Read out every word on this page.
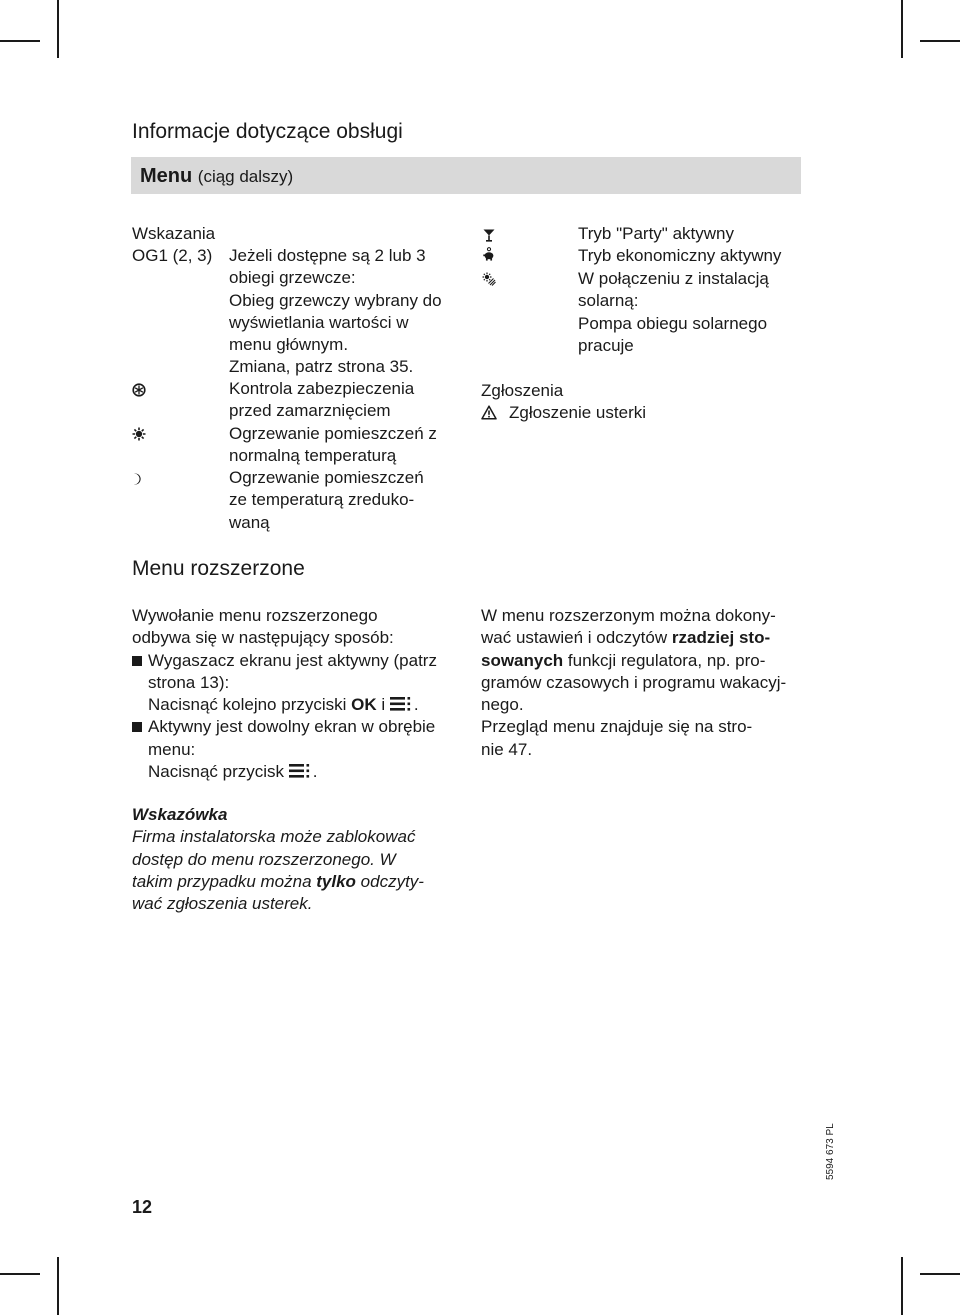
Informacje dotyczące obsługi
Menu (ciąg dalszy)
Wskazania
OG1 (2, 3) Jeżeli dostępne są 2 lub 3
obiegi grzewcze:
Obieg grzewczy wybrany do
wyświetlania wartości w
menu głównym.
Zmiana, patrz strona 35.
Kontrola zabezpieczenia
przed zamarznięciem
Ogrzewanie pomieszczeń z
normalną temperaturą
Ogrzewanie pomieszczeń
ze temperaturą zreduko-
waną
Tryb "Party" aktywny
Tryb ekonomiczny aktywny
W połączeniu z instalacją
solarną:
Pompa obiegu solarnego
pracuje
Zgłoszenia
Zgłoszenie usterki
Menu rozszerzone
Wywołanie menu rozszerzonego
odbywa się w następujący sposób:
Wygaszacz ekranu jest aktywny (patrz
strona 13):
Nacisnąć kolejno przyciski OK i .
Aktywny jest dowolny ekran w obrębie
menu:
Nacisnąć przycisk .
W menu rozszerzonym można dokony-
wać ustawień i odczytów rzadziej sto-
sowanych funkcji regulatora, np. pro-
gramów czasowych i programu wakacyj-
nego.
Przegląd menu znajduje się na stro-
nie 47.
Wskazówka
Firma instalatorska może zablokować
dostęp do menu rozszerzonego. W
takim przypadku można tylko odczyty-
wać zgłoszenia usterek.
5594 673 PL
12
